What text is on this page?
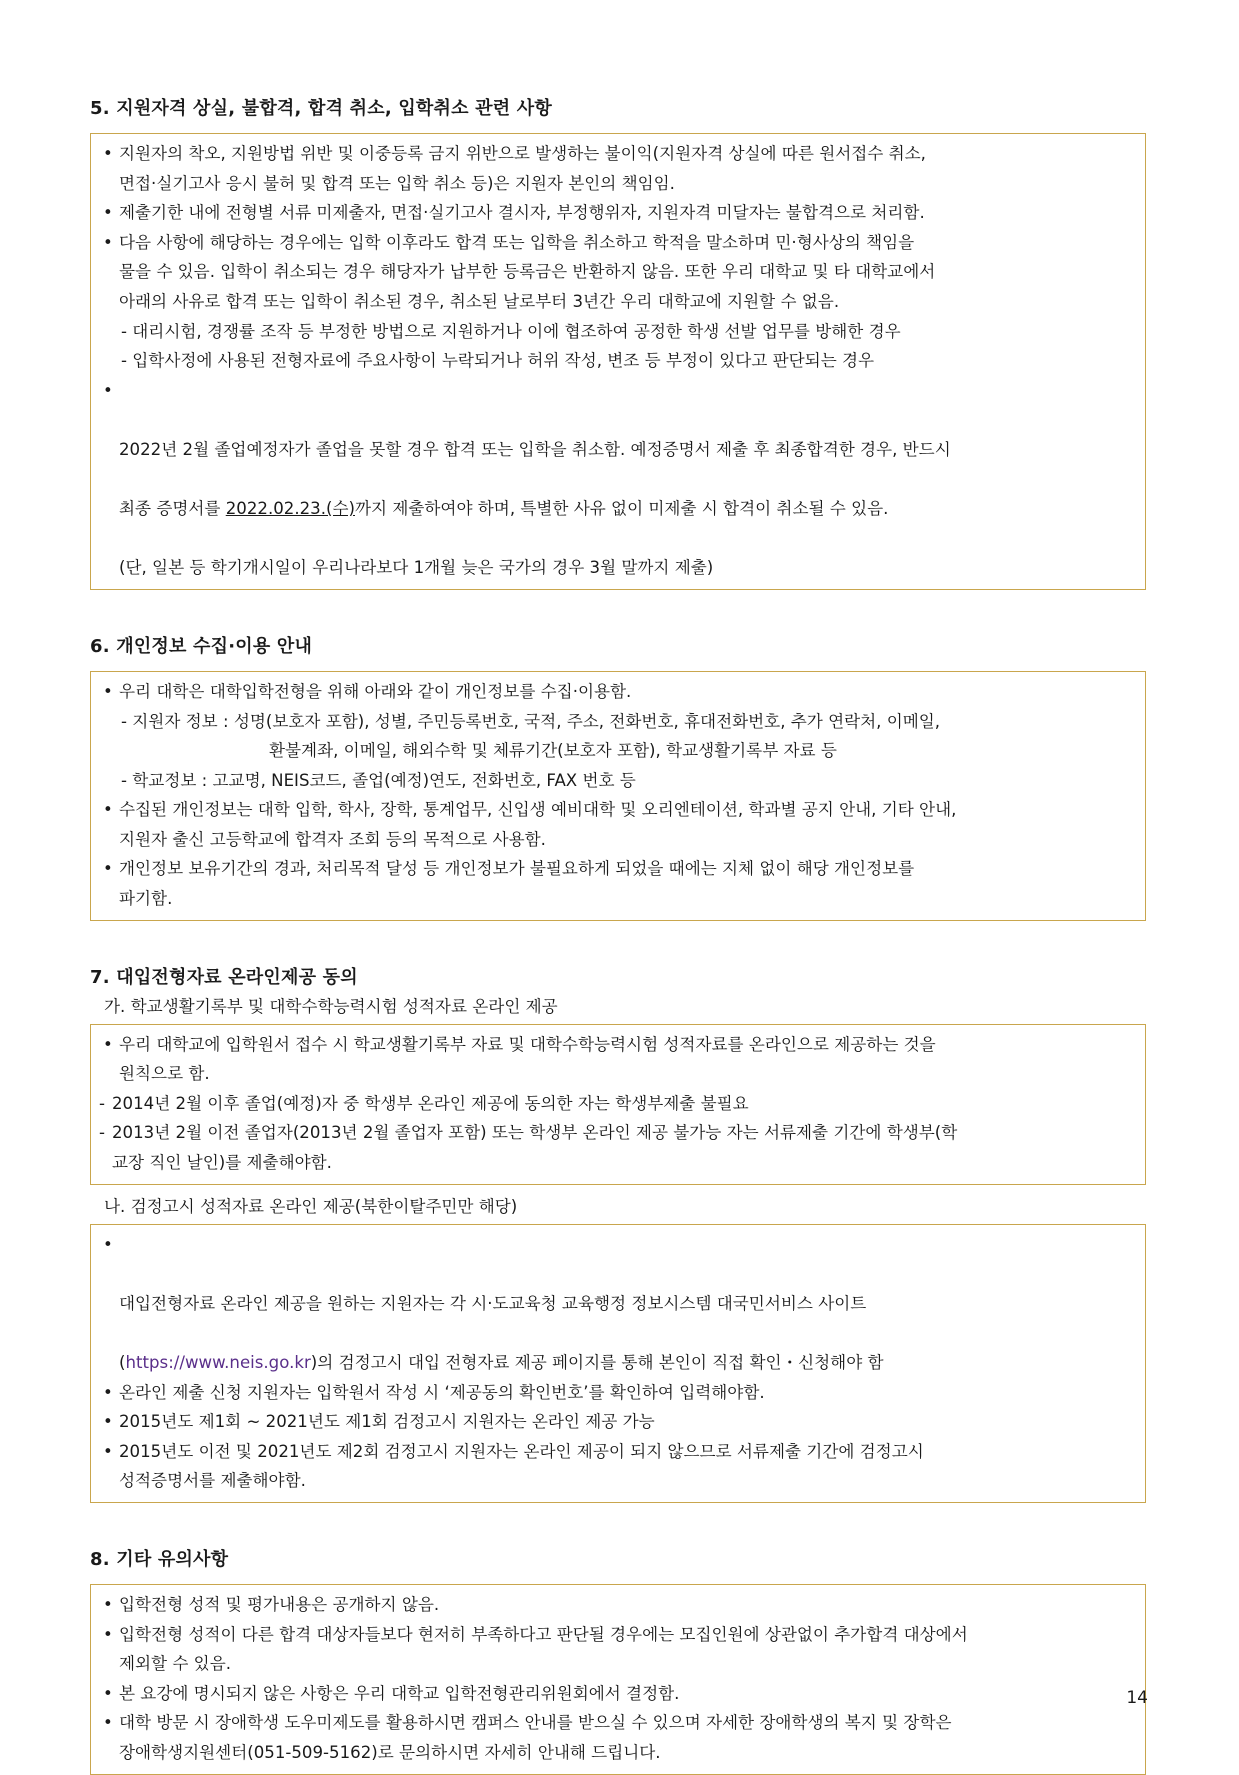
5. 지원자격 상실, 불합격, 합격 취소, 입학취소 관련 사항
• 지원자의 착오, 지원방법 위반 및 이중등록 금지 위반으로 발생하는 불이익(지원자격 상실에 따른 원서접수 취소,
면접·실기고사 응시 불허 및 합격 또는 입학 취소 등)은 지원자 본인의 책임임.
• 제출기한 내에 전형별 서류 미제출자, 면접·실기고사 결시자, 부정행위자, 지원자격 미달자는 불합격으로 처리함.
• 다음 사항에 해당하는 경우에는 입학 이후라도 합격 또는 입학을 취소하고 학적을 말소하며 민·형사상의 책임을
물을 수 있음. 입학이 취소되는 경우 해당자가 납부한 등록금은 반환하지 않음. 또한 우리 대학교 및 타 대학교에서
아래의 사유로 합격 또는 입학이 취소된 경우, 취소된 날로부터 3년간 우리 대학교에 지원할 수 없음.
- 대리시험, 경쟁률 조작 등 부정한 방법으로 지원하거나 이에 협조하여 공정한 학생 선발 업무를 방해한 경우
- 입학사정에 사용된 전형자료에 주요사항이 누락되거나 허위 작성, 변조 등 부정이 있다고 판단되는 경우

•

2022년 2월 졸업예정자가 졸업을 못할 경우 합격 또는 입학을 취소함. 예정증명서 제출 후 최종합격한 경우, 반드시

최종 증명서를 2022.02.23.(수)까지 제출하여야 하며, 특별한 사유 없이 미제출 시 합격이 취소될 수 있음.

(단, 일본 등 학기개시일이 우리나라보다 1개월 늦은 국가의 경우 3월 말까지 제출)

6. 개인정보 수집·이용 안내
• 우리 대학은 대학입학전형을 위해 아래와 같이 개인정보를 수집·이용함.
- 지원자 정보 : 성명(보호자 포함), 성별, 주민등록번호, 국적, 주소, 전화번호, 휴대전화번호, 추가 연락처, 이메일,
환불계좌, 이메일, 해외수학 및 체류기간(보호자 포함), 학교생활기록부 자료 등
- 학교정보 : 고교명, NEIS코드, 졸업(예정)연도, 전화번호, FAX 번호 등
• 수집된 개인정보는 대학 입학, 학사, 장학, 통계업무, 신입생 예비대학 및 오리엔테이션, 학과별 공지 안내, 기타 안내,
지원자 출신 고등학교에 합격자 조회 등의 목적으로 사용함.
• 개인정보 보유기간의 경과, 처리목적 달성 등 개인정보가 불필요하게 되었을 때에는 지체 없이 해당 개인정보를
파기함.
7. 대입전형자료 온라인제공 동의
가. 학교생활기록부 및 대학수학능력시험 성적자료 온라인 제공
• 우리 대학교에 입학원서 접수 시 학교생활기록부 자료 및 대학수학능력시험 성적자료를 온라인으로 제공하는 것을
원칙으로 함.
- 2014년 2월 이후 졸업(예정)자 중 학생부 온라인 제공에 동의한 자는 학생부제출 불필요
- 2013년 2월 이전 졸업자(2013년 2월 졸업자 포함) 또는 학생부 온라인 제공 불가능 자는 서류제출 기간에 학생부(학
교장 직인 날인)를 제출해야함.
나. 검정고시 성적자료 온라인 제공(북한이탈주민만 해당)

•

대입전형자료 온라인 제공을 원하는 지원자는 각 시·도교육청 교육행정 정보시스템 대국민서비스 사이트

(https://www.neis.go.kr)의 검정고시 대입 전형자료 제공 페이지를 통해 본인이 직접 확인・신청해야 함

• 온라인 제출 신청 지원자는 입학원서 작성 시 ‘제공동의 확인번호’를 확인하여 입력해야함.
• 2015년도 제1회 ~ 2021년도 제1회 검정고시 지원자는 온라인 제공 가능
• 2015년도 이전 및 2021년도 제2회 검정고시 지원자는 온라인 제공이 되지 않으므로 서류제출 기간에 검정고시
성적증명서를 제출해야함.
8. 기타 유의사항
• 입학전형 성적 및 평가내용은 공개하지 않음.
• 입학전형 성적이 다른 합격 대상자들보다 현저히 부족하다고 판단될 경우에는 모집인원에 상관없이 추가합격 대상에서
제외할 수 있음.
• 본 요강에 명시되지 않은 사항은 우리 대학교 입학전형관리위원회에서 결정함.
• 대학 방문 시 장애학생 도우미제도를 활용하시면 캠퍼스 안내를 받으실 수 있으며 자세한 장애학생의 복지 및 장학은
장애학생지원센터(051-509-5162)로 문의하시면 자세히 안내해 드립니다.
14
